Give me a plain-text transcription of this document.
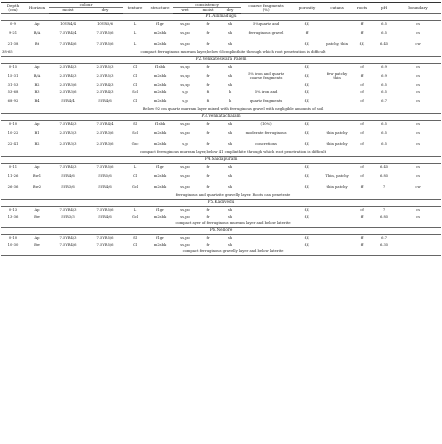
Depth
(cm)	Horizon	colour		texture	structure	consistency			coarse fragments
(%)	porosity	cutans	roots	pH	boundary
		moist	dry			wet	moist	dry						
P1.Allimadugu														
0-9	Ap	10YR4/4	10YR5/6	L	f1gr	ss,po	fr	sh	5%quartz and	f,f,		ff	6.5	cs
9-21	B/A	7.5YR4/4	7.5YR5/6	L	m2sbk	ss,po	fr	sh	ferruginous gravel	ff		ff	6.5	cs
21-38	Bt	7.5YR4/6	7.5YR5/6	L	m2sbk	ss,po	fr	sh		f,f,	patchy, thin	f,f,	6.45	cw
38-65	compact ferruginous murram layer,below 65cmplinthite through which root penetration is difficult													
P2.Venkateswara Palem														
0-15	Ap	2.5YR4/3	2.5YR5/3	Cl	f1sbk	ss,sp	fr	sh		f,f,		cf	6.9	cs
15-31	B/A	2.5YR4/3	2.5YR5/3	Cl	m2sbk	ss,sp	fr	sh	5% iron and quartz coarse fragments	f,f,	few patchy thin	ff	6.9	cs
31-53	B2	2.5YR3/6	2.5YR4/3	Cl	m2sbk	ss,sp	fr	sh		f,f,		cf	6.5	cs
53-68	B3	2.5YR3/6	2.5YR4/3	Scl	m2sbk	s,p	fi	h	5% iron and	f,f,		cf	6.5	cs
68-92	B4	5YR4/4	5YR4/6	Cl	m2sbk	s,p	fi	h	quartz fragments	f,f,		cf	6.7	cs
	Below 92 cm quartz murram layer mixed with ferruginous gravel with negligible amounts of soil													
P3.Venkatachalam														
0-10	Ap	7.5YR4/3	7.5YR4/4	Sl	f1sbk	ss,po	fr	sh	(10%)	f,f,		cf	6.5	cs
10-22	B1	2.5YR3/3	2.5YR3/6	Scl	m2sbk	ss,po	fr	sh	moderate ferruginous	f,f,	thin patchy	cf	6.5	cs
22-41	B2	2.5YR3/3	2.5YR3/6	Gsc	m2sbk	s,p	fr	sh	concretions	f,f,	thin patchy	cf	6.5	cs
	compact ferruginous murram layer,below 41 cmplinthite through which root penetration is difficult													
P4.Saidapuram														
0-11	Ap	7.5YR4/3	7.5YR5/6	L	f1gr	ss,po	fr	sh		f,f,		cf	6.45	cs
11-26	Bw1	5YR4/6	5YR5/6	Cl	m2sbk	ss,po	fr	sh		f,f,	Thin, patchy	cf	6.85	cs
26-36	Bw2	5YR3/6	5YR4/6	Gcl	m2sbk	ss,po	fr	sh		f,f,	thin patchy	ff	7	cw
	ferruginous and quartzite gravelly layer. Roots can penetrate													
P5.Kadivedu														
0-13	Ap	7.5YR4/3	7.5YR5/6	L	f1gr	ss,po	fr	sh		f,f,		cf	7	cs
13-36	Bw	5YR3/3	5YR4/6	Gcl	m2sbk	ss,po	fr	sh		f,f,		ff	6.85	cs
	compact ayer of ferruginous murram layer and below laterite													
P6.Nellore														
0-10	Ap	7.5YR4/3	7.5YR5/6	Sl	f1gr	ss,po	fr	sh		f,f,		ff	6.7	
10-30	Bw	7.5YR4/6	7.5YR5/6	Cl	m2sbk	ss,po	fr	sh		f,f,		ff	6.35	
	compact ferruginous gravelly layer and below laterite													
